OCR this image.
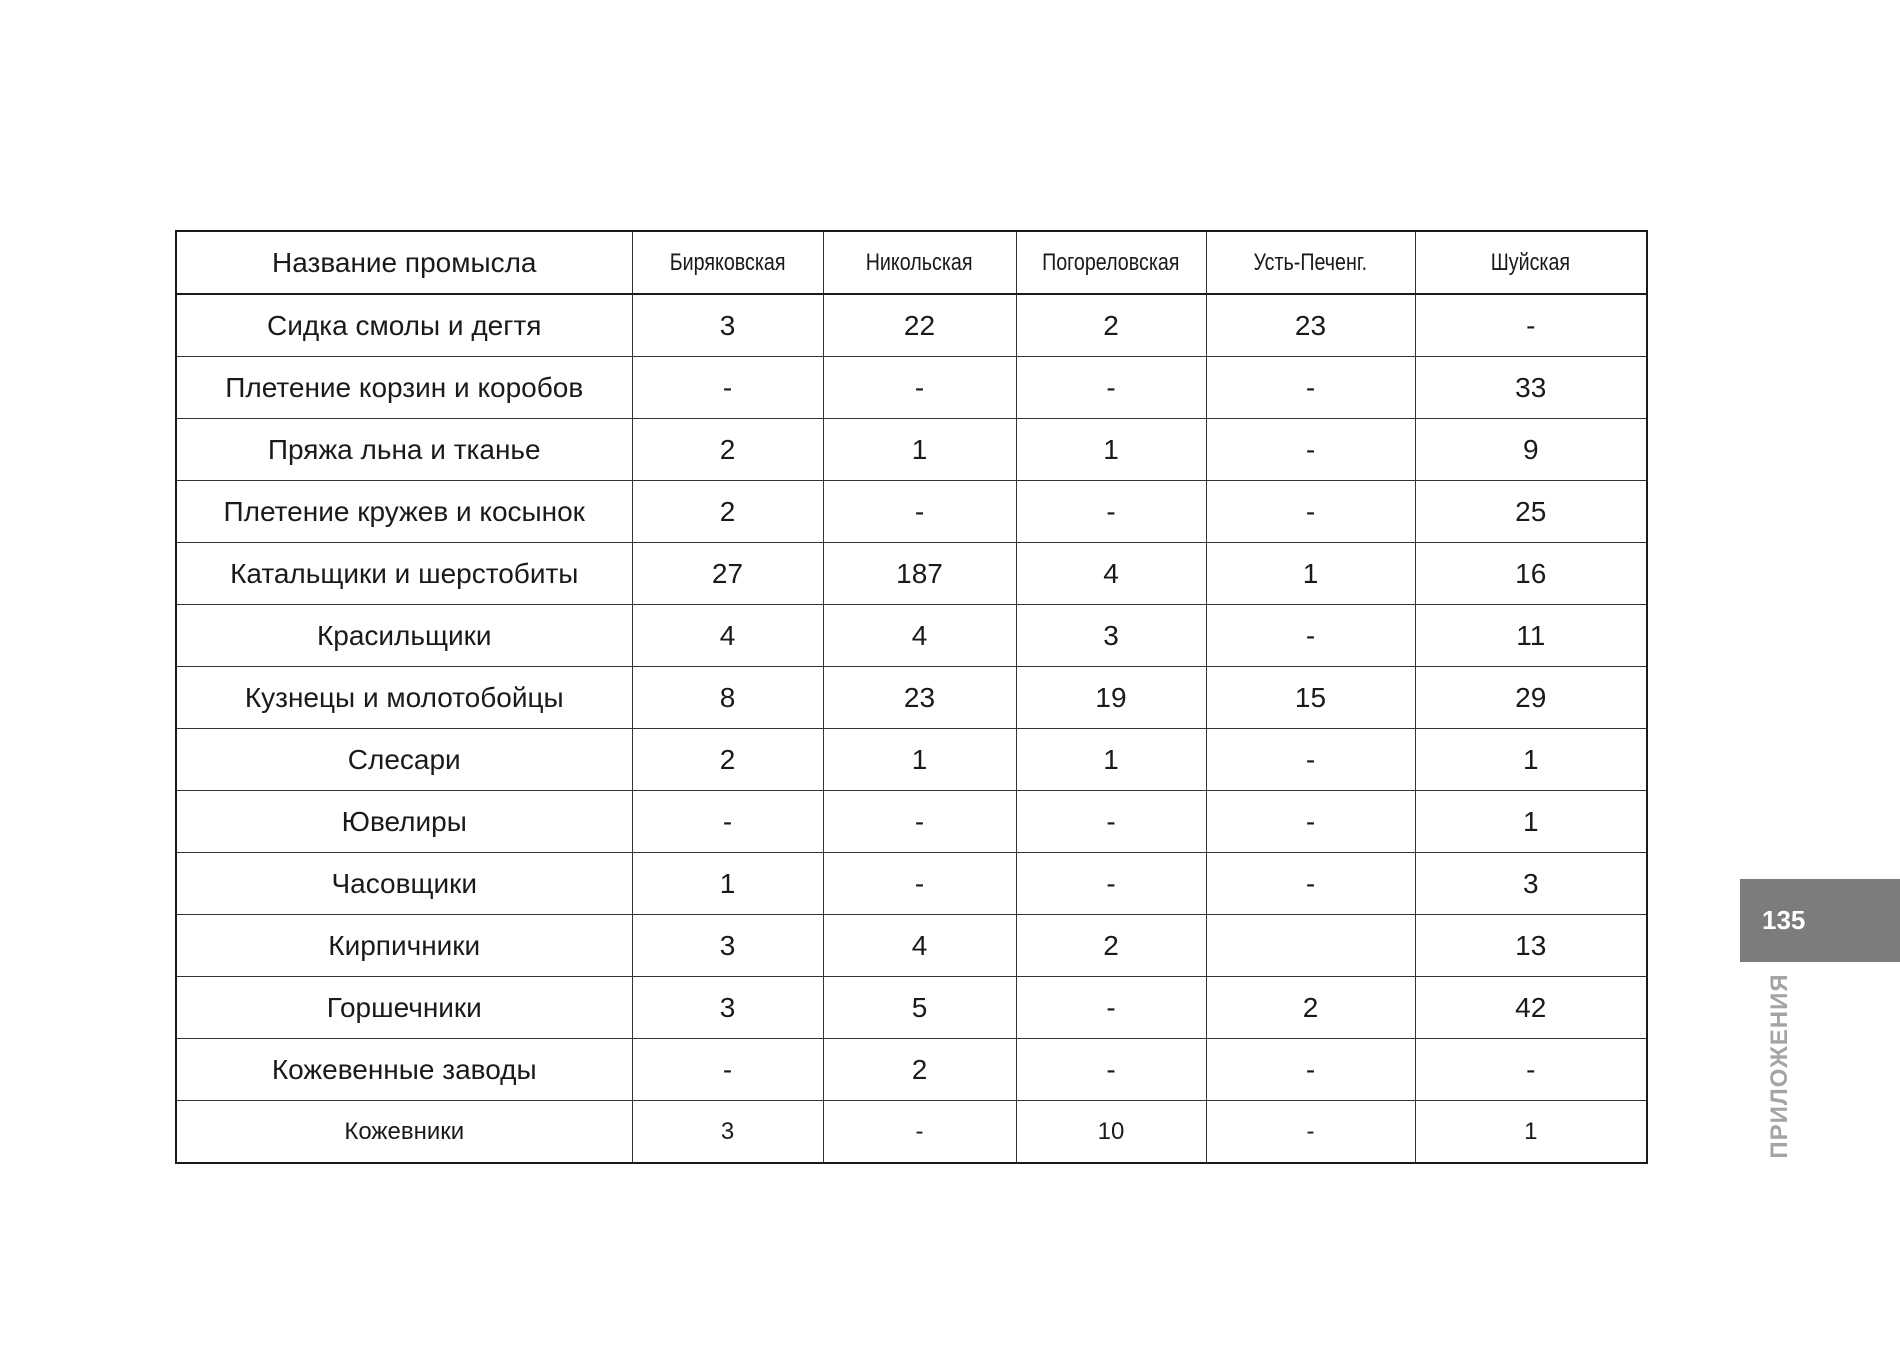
Название промысла	Биряковская	Никольская	Погореловская	Усть-Печенг.	Шуйская
Сидка смолы и дегтя	3	22	2	23	-
Плетение корзин и коробов	-	-	-	-	33
Пряжа льна и тканье	2	1	1	-	9
Плетение кружев и косынок	2	-	-	-	25
Катальщики и шерстобиты	27	187	4	1	16
Красильщики	4	4	3	-	11
Кузнецы и молотобойцы	8	23	19	15	29
Слесари	2	1	1	-	1
Ювелиры	-	-	-	-	1
Часовщики	1	-	-	-	3
Кирпичники	3	4	2		13
Горшечники	3	5	-	2	42
Кожевенные заводы	-	2	-	-	-
Кожевники	3	-	10	-	1
135
ПРИЛОЖЕНИЯ
